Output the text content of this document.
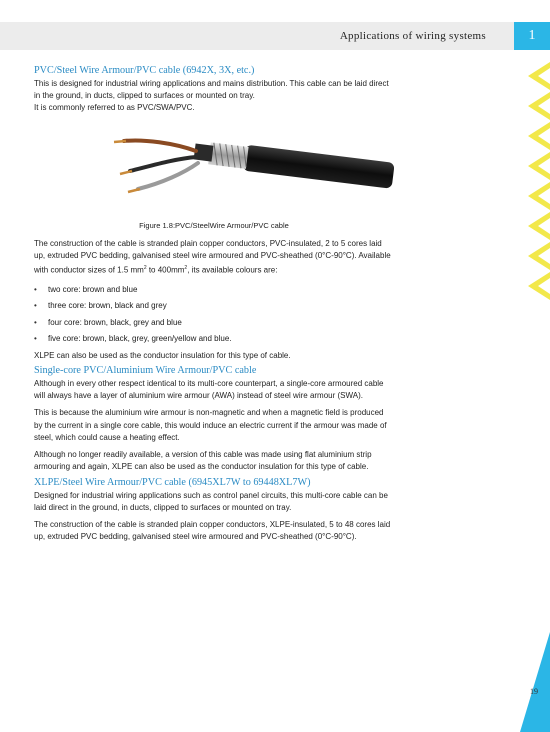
Applications of wiring systems	1
PVC/Steel Wire Armour/PVC cable (6942X, 3X, etc.)

This is designed for industrial wiring applications and mains distribution. This cable can be laid direct in the ground, in ducts, clipped to surfaces or mounted on tray.

It is commonly referred to as PVC/SWA/PVC.

Figure 1.8:PVC/SteelWire Armour/PVC cable

The construction of the cable is stranded plain copper conductors, PVC-insulated, 2 to 5 cores laid up, extruded PVC bedding, galvanised steel wire armoured and PVC-sheathed (0°C-90°C). Available with conductor sizes of 1.5 $mm^2$ to $400mm^2$, its available colours are:

• two core: brown and blue
• three core: brown, black and grey
• four core: brown, black, grey and blue
• five core: brown, black, grey, green/yellow and blue.

XLPE can also be used as the conductor insulation for this type of cable.

Single-core PVC/Aluminium Wire Armour/PVC cable

Although in every other respect identical to its multi-core counterpart, a single-core armoured cable will always have a layer of aluminium wire armour (AWA) instead of steel wire armour (SWA).

This is because the aluminium wire armour is non-magnetic and when a magnetic field is produced by the current in a single core cable, this would induce an electric current if the armour was made of steel, which could cause a heating effect.

Although no longer readily available, a version of this cable was made using flat aluminium strip armouring and again, XLPE can also be used as the conductor insulation for this type of cable.

XLPE/Steel Wire Armour/PVC cable (6945XL7W to 69448XL7W)

Designed for industrial wiring applications such as control panel circuits, this multi-core cable can be laid direct in the ground, in ducts, clipped to surfaces or mounted on tray.

The construction of the cable is stranded plain copper conductors, XLPE-insulated, 5 to 48 cores laid up, extruded PVC bedding, galvanised steel wire armoured and PVC-sheathed (0°C-90°C).

19
